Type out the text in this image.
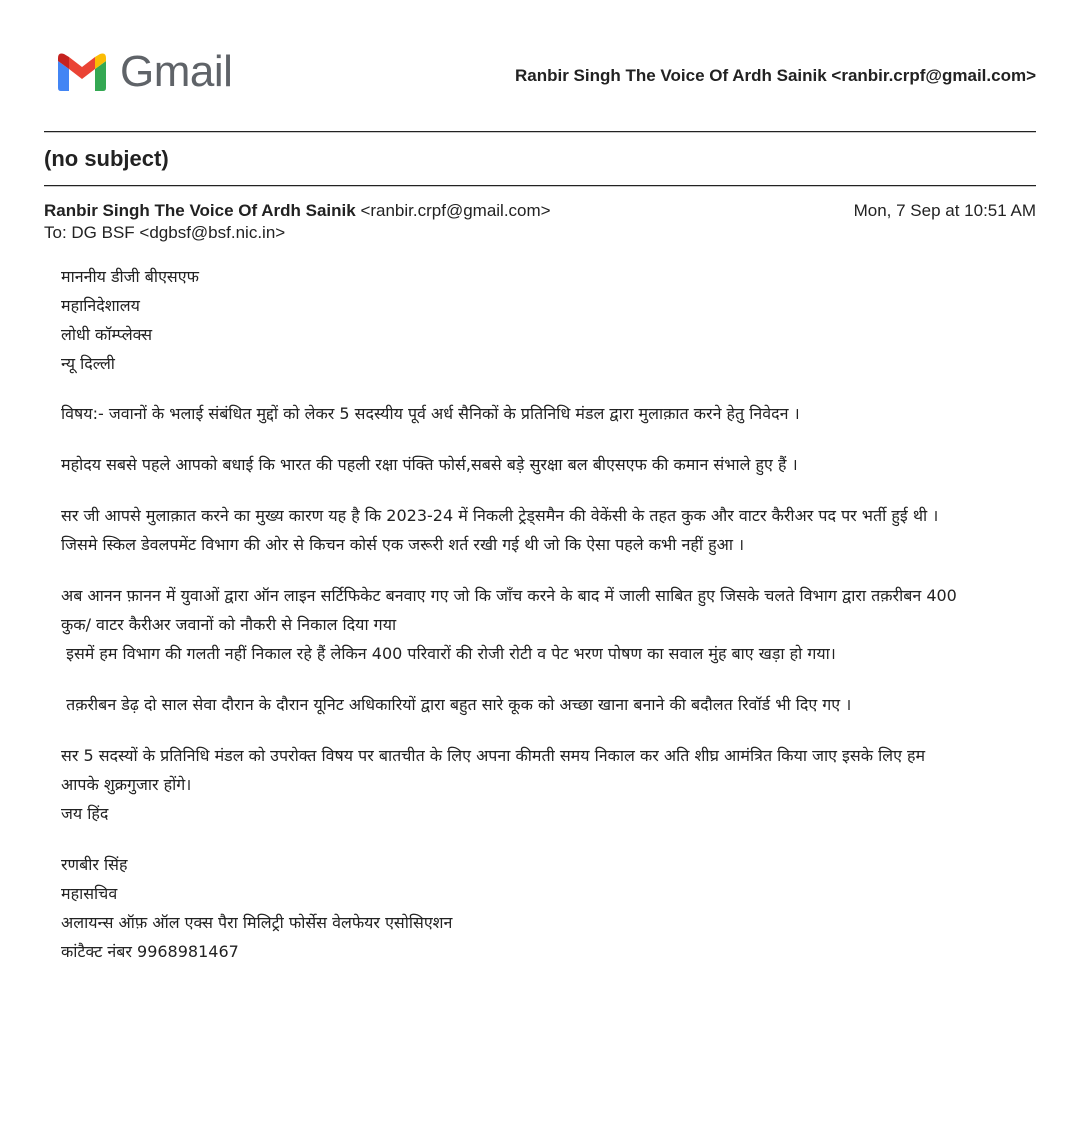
Gmail	Ranbir Singh The Voice Of Ardh Sainik <ranbir.crpf@gmail.com>
(no subject)
Ranbir Singh The Voice Of Ardh Sainik <ranbir.crpf@gmail.com>	Mon, 7 Sep at 10:51 AM
To: DG BSF <dgbsf@bsf.nic.in>
माननीय डीजी बीएसएफ
महानिदेशालय
लोधी कॉम्प्लेक्स
न्यू दिल्ली
विषय:- जवानों के भलाई संबंधित मुद्दों को लेकर 5 सदस्यीय पूर्व अर्ध सैनिकों के प्रतिनिधि मंडल द्वारा मुलाक़ात करने हेतु निवेदन ।
महोदय सबसे पहले आपको बधाई कि भारत की पहली रक्षा पंक्ति फोर्स,सबसे बड़े सुरक्षा बल बीएसएफ की कमान संभाले हुए हैं ।
सर जी आपसे मुलाक़ात करने का मुख्य कारण यह है कि 2023-24 में निकली ट्रेड्समैन की वेकेंसी के तहत कुक और वाटर कैरीअर पद पर भर्ती हुई थी ।
जिसमे स्किल डेवलपमेंट विभाग की ओर से किचन कोर्स एक जरूरी शर्त रखी गई थी जो कि ऐसा पहले कभी नहीं हुआ ।
अब आनन फ़ानन में युवाओं द्वारा ऑन लाइन सर्टिफिकेट बनवाए गए जो कि जाँच करने के बाद में जाली साबित हुए जिसके चलते विभाग द्वारा तक़रीबन 400
कुक/ वाटर कैरीअर जवानों को नौकरी से निकाल दिया गया
इसमें हम विभाग की गलती नहीं निकाल रहे हैं लेकिन 400 परिवारों की रोजी रोटी व पेट भरण पोषण का सवाल मुंह बाए खड़ा हो गया।
तक़रीबन डेढ़ दो साल सेवा दौरान के दौरान यूनिट अधिकारियों द्वारा बहुत सारे कूक को अच्छा खाना बनाने की बदौलत रिवॉर्ड भी दिए गए ।
सर 5 सदस्यों के प्रतिनिधि मंडल को उपरोक्त विषय पर बातचीत के लिए अपना कीमती समय निकाल कर अति शीघ्र आमंत्रित किया जाए इसके लिए हम
आपके शुक्रगुजार होंगे।
जय हिंद
रणबीर सिंह
महासचिव
अलायन्स ऑफ़ ऑल एक्स पैरा मिलिट्री फोर्सेस वेलफेयर एसोसिएशन
कांटैक्ट नंबर 9968981467
